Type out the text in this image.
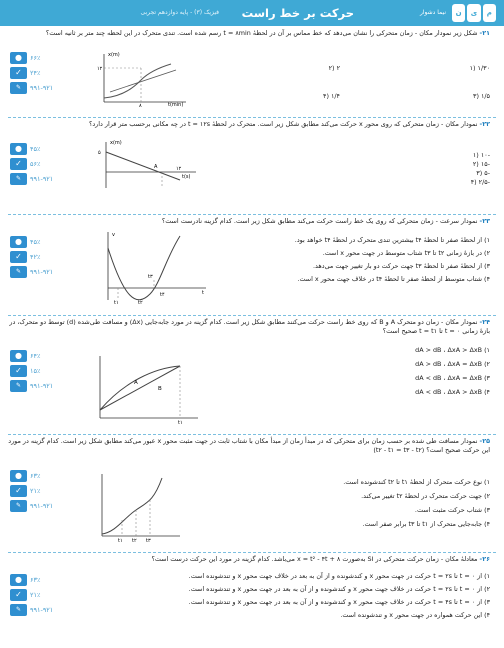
ن	ی	م
نیما دشوار
حرکت بر خط راست
فیزیک (۳) - پایه دوازدهم تجربی
۲۱- شکل زیر نمودار مکان - زمان متحرکی را نشان می‌دهد که خط مماس بر آن در لحظهٔ t = ۸min رسم شده است. تندی متحرک در این لحظه چند متر بر ثانیه است؟
●	۶۶٪
✓	۲۴٪
✎	۹۹۱-۹۲۱
x(m)
t(min)
۱۲
۸
۱/۳۰ (۱
۲ (۲
۱/۵ (۳
۱/۴ (۴
۲۲- نمودار مکان - زمان متحرکی که روی محور x حرکت می‌کند مطابق شکل زیر است. متحرک در لحظهٔ t = ۱۲s در چه مکانی برحسب متر قرار دارد؟
●	۴۵٪
✓	۵۶٪
✎	۹۹۱-۹۲۱
x(m)
t(s)
۵
A	۱۲
-۱۰ (۱
-۱۵ (۲
-۵ (۳
-۲/۵ (۴
۲۳- نمودار سرعت - زمان متحرکی که روی یک خط راست حرکت می‌کند مطابق شکل زیر است. کدام گزینه نادرست است؟
●	۴۵٪
✓	۴۲٪
✎	۹۹۱-۹۲۱
v
t
t۱	t۲
t۳
t۴
۱) از لحظهٔ صفر تا لحظهٔ t۴ بیشترین تندی متحرک در لحظهٔ t۴ خواهد بود.
۲) در بازهٔ زمانی t۲ تا t۳ شتاب متوسط در جهت محور x است.
۳) از لحظهٔ صفر تا لحظهٔ t۳ جهت حرکت دو بار تغییر جهت می‌دهد.
۴) شتاب متوسط از لحظهٔ صفر تا لحظهٔ t۴ در خلاف جهت محور x است.
۲۴- نمودار مکان - زمان دو متحرک A و B که روی خط راست حرکت می‌کنند مطابق شکل زیر است. کدام گزینه در مورد جابه‌جایی (Δx) و مسافت طی‌شده (d) توسط دو متحرک، در بازهٔ زمانی t = ۰ تا t = t۱ صحیح است؟
●	۶۴٪
✓	۱۵٪
✎	۹۹۱-۹۲۱	A
B
t۱
dA > dB ، ΔxA > ΔxB (۱
dA > dB ، ΔxA = ΔxB (۲
dA < dB ، ΔxA = ΔxB (۳
dA < dB ، ΔxA > ΔxB (۴
۲۵- نمودار مسافت طی شده بر حسب زمان برای متحرکی که در مبدأ زمان از مبدأ مکان با شتاب ثابت در جهت مثبت محور x عبور می‌کند مطابق شکل زیر است. کدام گزینه در مورد این حرکت صحیح است؟ (t۲ - t۱ = t۳ - t۲)
●	۶۳٪
✓	۲۱٪
✎	۹۹۱-۹۲۱
t۱ t۲ t۳
۱) نوع حرکت متحرک از لحظهٔ t۱ تا t۲ کندشونده است.
۲) جهت حرکت متحرک در لحظهٔ t۲ تغییر می‌کند.
۳) شتاب حرکت مثبت است.
۴) جابه‌جایی متحرک از t۱ تا t۳ برابر صفر است.
۲۶- معادلهٔ مکان - زمان حرکت متحرکی در SI به‌صورت x = t² - ۴t + ۸ می‌باشد. کدام گزینه در مورد این حرکت درست است؟
●	۶۳٪
✓	۲۱٪
✎	۹۹۱-۹۲۱
۱) از t = ۰ تا t = ۲s حرکت در جهت محور x و کندشونده و از آن به بعد در خلاف جهت محور x و تندشونده است.
۲) از t = ۰ تا t = ۲s حرکت در خلاف جهت محور x و کندشونده و از آن به بعد در جهت محور x و تندشونده است.
۳) از t = ۰ تا t = ۴s حرکت در خلاف جهت محور x و کندشونده و از آن به بعد در جهت محور x و تندشونده است.
۴) این حرکت همواره در جهت محور x و تندشونده است.
